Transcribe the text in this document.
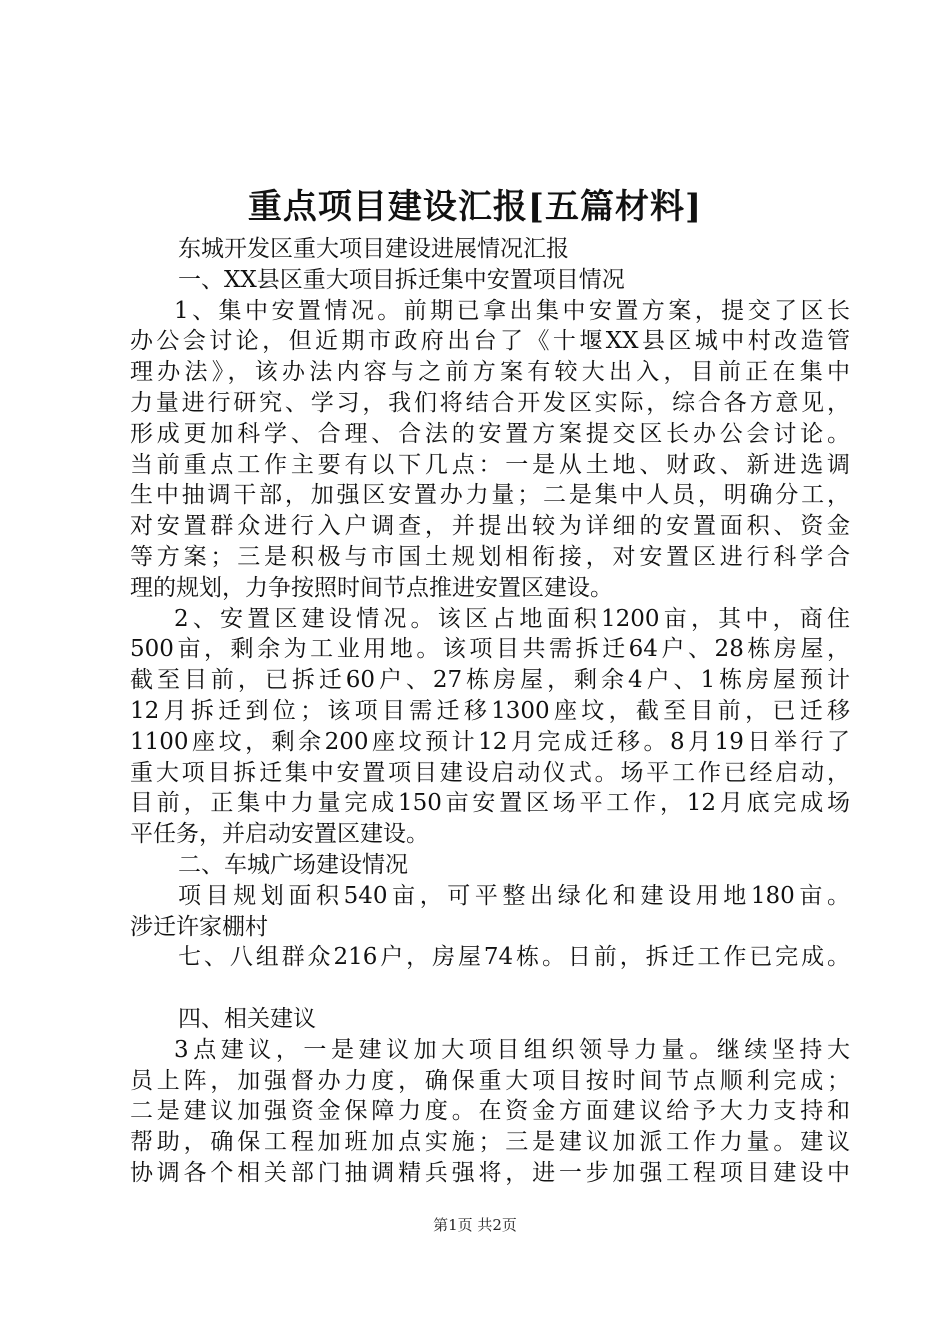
重点项目建设汇报[五篇材料]
东城开发区重大项目建设进展情况汇报
一、XX县区重大项目拆迁集中安置项目情况
1、集中安置情况。前期已拿出集中安置方案，提交了区长
办公会讨论，但近期市政府出台了《十堰XX县区城中村改造管
理办法》，该办法内容与之前方案有较大出入，目前正在集中
力量进行研究、学习，我们将结合开发区实际，综合各方意见，
形成更加科学、合理、合法的安置方案提交区长办公会讨论。
当前重点工作主要有以下几点：一是从土地、财政、新进选调
生中抽调干部，加强区安置办力量；二是集中人员，明确分工，
对安置群众进行入户调查，并提出较为详细的安置面积、资金
等方案；三是积极与市国土规划相衔接，对安置区进行科学合
理的规划，力争按照时间节点推进安置区建设。
2、安置区建设情况。该区占地面积1200亩，其中，商住
500亩，剩余为工业用地。该项目共需拆迁64户、28栋房屋，
截至目前，已拆迁60户、27栋房屋，剩余4户、1栋房屋预计
12月拆迁到位；该项目需迁移1300座坟，截至目前，已迁移
1100座坟，剩余200座坟预计12月完成迁移。8月19日举行了
重大项目拆迁集中安置项目建设启动仪式。场平工作已经启动，
目前，正集中力量完成150亩安置区场平工作，12月底完成场
平任务，并启动安置区建设。
二、车城广场建设情况
项目规划面积540亩，可平整出绿化和建设用地180亩。
涉迁许家棚村
七、八组群众216户，房屋74栋。日前，拆迁工作已完成。
四、相关建议
3点建议，一是建议加大项目组织领导力量。继续坚持大
员上阵，加强督办力度，确保重大项目按时间节点顺利完成；
二是建议加强资金保障力度。在资金方面建议给予大力支持和
帮助，确保工程加班加点实施；三是建议加派工作力量。建议
协调各个相关部门抽调精兵强将，进一步加强工程项目建设中
第1页 共2页
